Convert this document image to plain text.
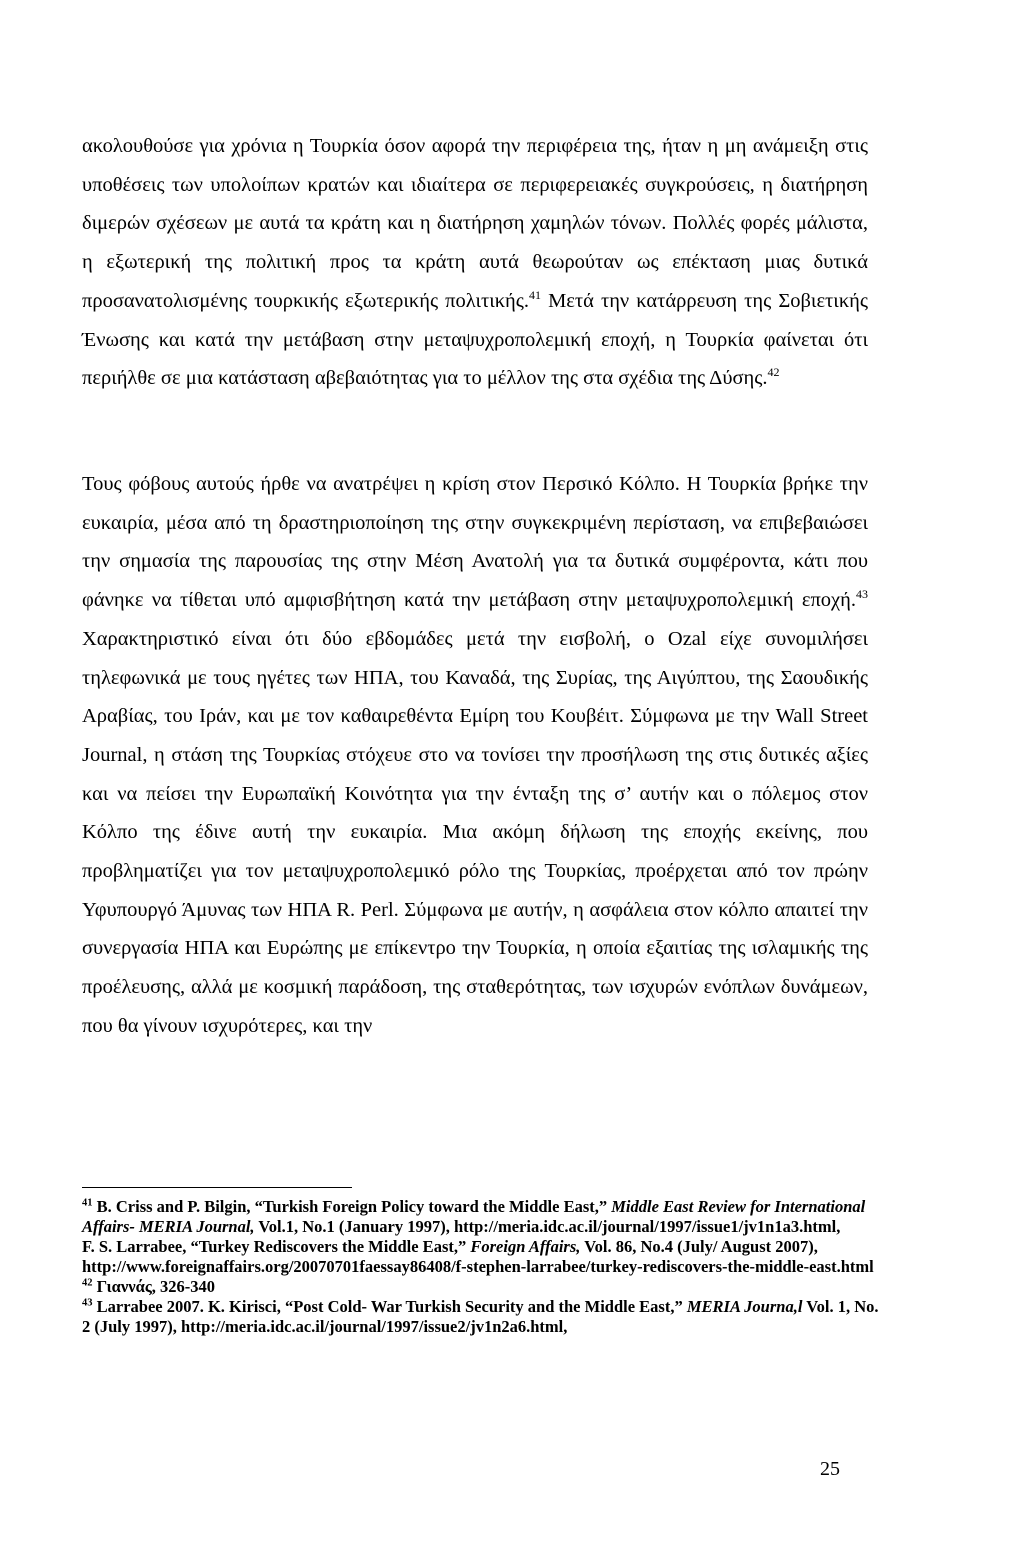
ακολουθούσε για χρόνια η Τουρκία όσον αφορά την περιφέρεια της, ήταν η μη ανάμειξη στις υποθέσεις των υπολοίπων κρατών και ιδιαίτερα σε περιφερειακές συγκρούσεις, η διατήρηση διμερών σχέσεων με αυτά τα κράτη και η διατήρηση χαμηλών τόνων. Πολλές φορές μάλιστα, η εξωτερική της πολιτική προς τα κράτη αυτά θεωρούταν ως επέκταση μιας δυτικά προσανατολισμένης τουρκικής εξωτερικής πολιτικής.$^{41}$ Μετά την κατάρρευση της Σοβιετικής Ένωσης και κατά την μετάβαση στην μεταψυχροπολεμική εποχή, η Τουρκία φαίνεται ότι περιήλθε σε μια κατάσταση αβεβαιότητας για το μέλλον της στα σχέδια της Δύσης.$^{42}$

Τους φόβους αυτούς ήρθε να ανατρέψει η κρίση στον Περσικό Κόλπο. Η Τουρκία βρήκε την ευκαιρία, μέσα από τη δραστηριοποίηση της στην συγκεκριμένη περίσταση, να επιβεβαιώσει την σημασία της παρουσίας της στην Μέση Ανατολή για τα δυτικά συμφέροντα, κάτι που φάνηκε να τίθεται υπό αμφισβήτηση κατά την μετάβαση στην μεταψυχροπολεμική εποχή.$^{43}$ Χαρακτηριστικό είναι ότι δύο εβδομάδες μετά την εισβολή, ο Ozal είχε συνομιλήσει τηλεφωνικά με τους ηγέτες των ΗΠΑ, του Καναδά, της Συρίας, της Αιγύπτου, της Σαουδικής Αραβίας, του Ιράν, και με τον καθαιρεθέντα Εμίρη του Κουβέιτ. Σύμφωνα με την Wall Street Journal, η στάση της Τουρκίας στόχευε στο να τονίσει την προσήλωση της στις δυτικές αξίες και να πείσει την Ευρωπαϊκή Κοινότητα για την ένταξη της σ’ αυτήν και ο πόλεμος στον Κόλπο της έδινε αυτή την ευκαιρία. Μια ακόμη δήλωση της εποχής εκείνης, που προβληματίζει για τον μεταψυχροπολεμικό ρόλο της Τουρκίας, προέρχεται από τον πρώην Υφυπουργό Άμυνας των ΗΠΑ R. Perl. Σύμφωνα με αυτήν, η ασφάλεια στον κόλπο απαιτεί την συνεργασία ΗΠΑ και Ευρώπης με επίκεντρο την Τουρκία, η οποία εξαιτίας της ισλαμικής της προέλευσης, αλλά με κοσμική παράδοση, της σταθερότητας, των ισχυρών ενόπλων δυνάμεων, που θα γίνουν ισχυρότερες, και την

$^{41}$ B. Criss and P. Bilgin, “Turkish Foreign Policy toward the Middle East,” Middle East Review for International Affairs- MERIA Journal, Vol.1, No.1 (January 1997), http://meria.idc.ac.il/journal/1997/issue1/jv1n1a3.html,

F. S. Larrabee, “Turkey Rediscovers the Middle East,” Foreign Affairs, Vol. 86, No.4 (July/ August 2007), http://www.foreignaffairs.org/20070701faessay86408/f-stephen-larrabee/turkey-rediscovers-the-middle-east.html

$^{42}$ Γιαννάς, 326-340

$^{43}$ Larrabee 2007. K. Kirisci, “Post Cold- War Turkish Security and the Middle East,” MERIA Journa,l Vol. 1, No. 2 (July 1997), http://meria.idc.ac.il/journal/1997/issue2/jv1n2a6.html,

25
